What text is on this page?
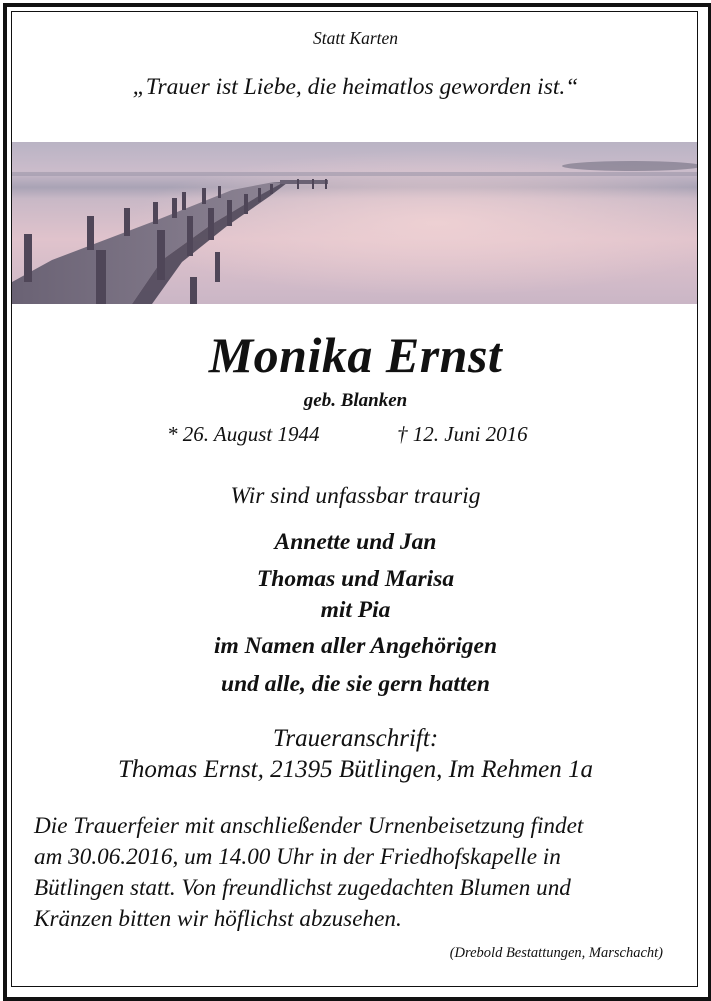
Statt Karten
„Trauer ist Liebe, die heimatlos geworden ist.“
Monika Ernst
geb. Blanken
* 26. August 1944	† 12. Juni 2016
Wir sind unfassbar traurig
Annette und Jan
Thomas und Marisa
mit Pia
im Namen aller Angehörigen
und alle, die sie gern hatten
Traueranschrift:
Thomas Ernst, 21395 Bütlingen, Im Rehmen 1a
Die Trauerfeier mit anschließender Urnenbeisetzung findet
am 30.06.2016, um 14.00 Uhr in der Friedhofskapelle in
Bütlingen statt. Von freundlichst zugedachten Blumen und
Kränzen bitten wir höflichst abzusehen.
(Drebold Bestattungen, Marschacht)
